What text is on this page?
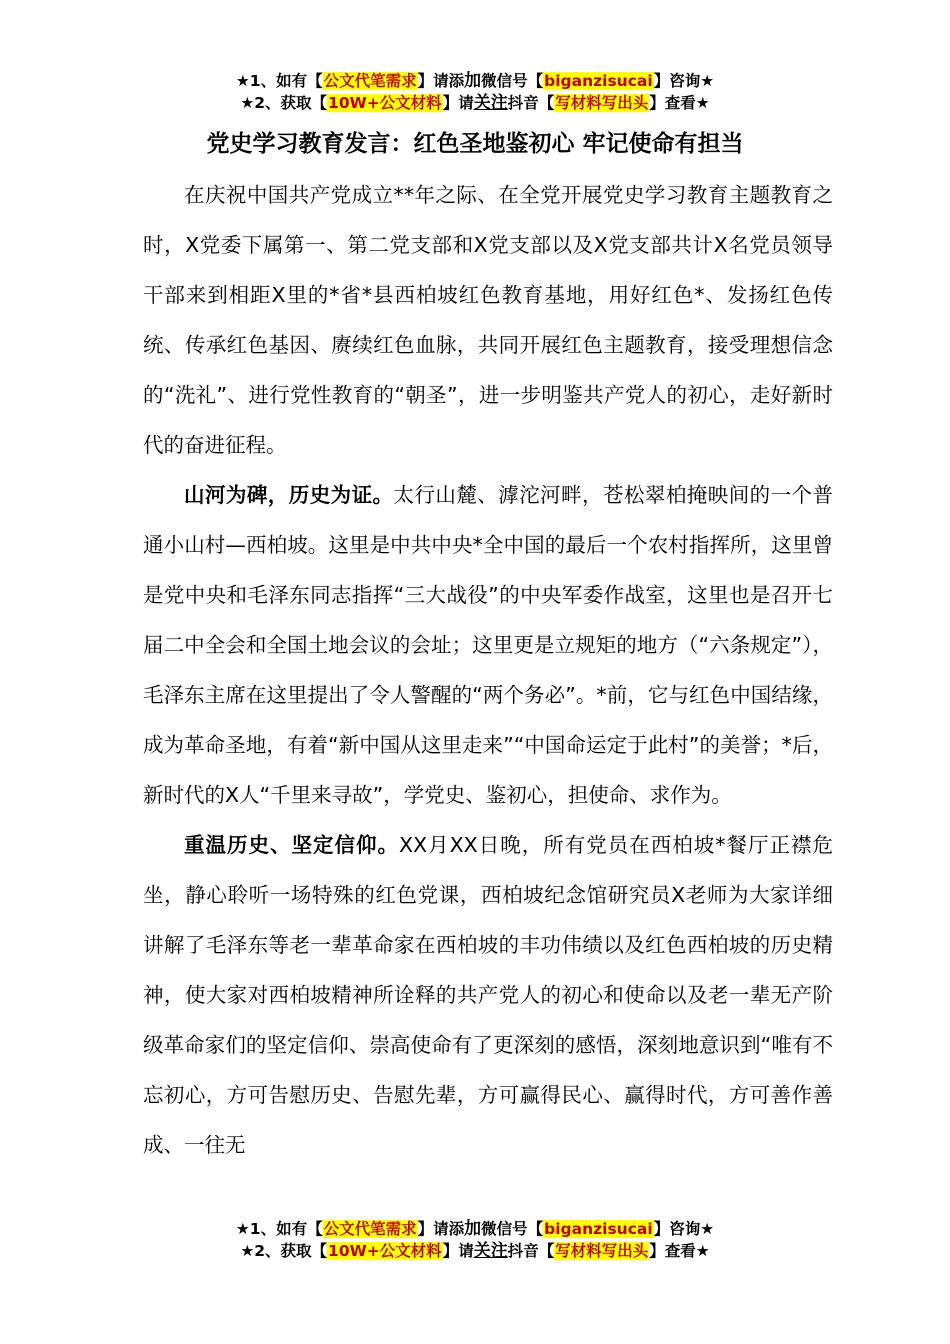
★1、如有【公文代笔需求】请添加微信号【biganzisucai】咨询★
★2、获取【10W+公文材料】请关注抖音【写材料写出头】查看★
党史学习教育发言：红色圣地鉴初心 牢记使命有担当

在庆祝中国共产党成立**年之际、在全党开展党史学习教育主题教育之时，X党委下属第一、第二党支部和X党支部以及X党支部共计X名党员领导干部来到相距X里的*省*县西柏坡红色教育基地，用好红色*、发扬红色传统、传承红色基因、赓续红色血脉，共同开展红色主题教育，接受理想信念的“洗礼”、进行党性教育的“朝圣”，进一步明鉴共产党人的初心，走好新时代的奋进征程。

山河为碑，历史为证。太行山麓、滹沱河畔，苍松翠柏掩映间的一个普通小山村—西柏坡。这里是中共中央*全中国的最后一个农村指挥所，这里曾是党中央和毛泽东同志指挥“三大战役”的中央军委作战室，这里也是召开七届二中全会和全国土地会议的会址；这里更是立规矩的地方（“六条规定”），毛泽东主席在这里提出了令人警醒的“两个务必”。*前，它与红色中国结缘，成为革命圣地，有着“新中国从这里走来”“中国命运定于此村”的美誉；*后，新时代的X人“千里来寻故”，学党史、鉴初心，担使命、求作为。

重温历史、坚定信仰。XX月XX日晚，所有党员在西柏坡*餐厅正襟危坐，静心聆听一场特殊的红色党课，西柏坡纪念馆研究员X老师为大家详细讲解了毛泽东等老一辈革命家在西柏坡的丰功伟绩以及红色西柏坡的历史精神，使大家对西柏坡精神所诠释的共产党人的初心和使命以及老一辈无产阶级革命家们的坚定信仰、崇高使命有了更深刻的感悟，深刻地意识到“唯有不忘初心，方可告慰历史、告慰先辈，方可赢得民心、赢得时代，方可善作善成、一往无

★1、如有【公文代笔需求】请添加微信号【biganzisucai】咨询★
★2、获取【10W+公文材料】请关注抖音【写材料写出头】查看★
